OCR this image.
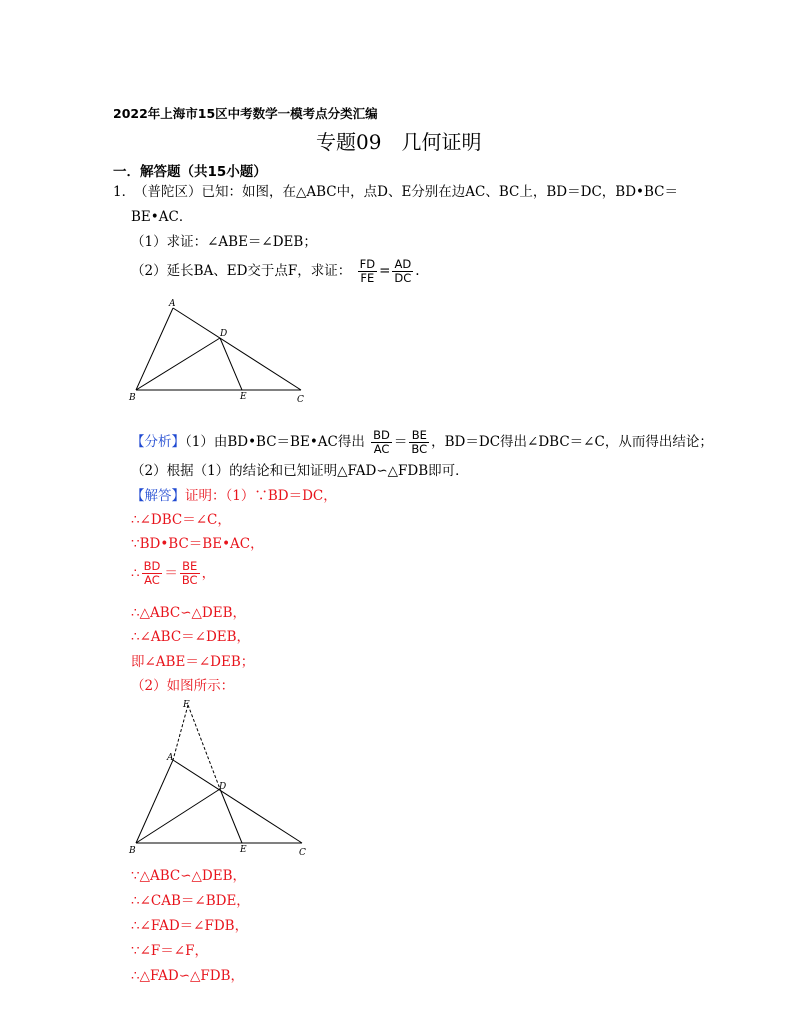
2022年上海市15区中考数学一模考点分类汇编
专题09　几何证明
一．解答题（共15小题）
1．
（普陀区）已知：如图，在△ABC中，点D、E分别在边AC、BC上，BD＝DC，BD•BC＝
BE•AC．
（1）求证：∠ABE＝∠DEB；
（2）延长BA、ED交于点F，求证： $\frac{FD}{FE} = \frac{AD}{DC}$ .
A
B	C
D
E
【分析】（1）由BD•BC＝BE•AC得出 $\frac{BD}{AC} = \frac{BE}{BC}$ ，BD＝DC得出∠DBC＝∠C，从而得出结论；
（2）根据（1）的结论和已知证明△FAD∽△FDB即可．
【解答】证明：（1）∵BD＝DC，
∴∠DBC＝∠C，
∵BD•BC＝BE•AC，
∴ $\frac{BD}{AC} = \frac{BE}{BC}$ ，
∴△ABC∽△DEB，
∴∠ABC＝∠DEB，
即∠ABE＝∠DEB；
（2）如图所示：
F
A
B	C
D
E
∵△ABC∽△DEB，
∴∠CAB＝∠BDE，
∴∠FAD＝∠FDB，
∵∠F＝∠F，
∴△FAD∽△FDB，
